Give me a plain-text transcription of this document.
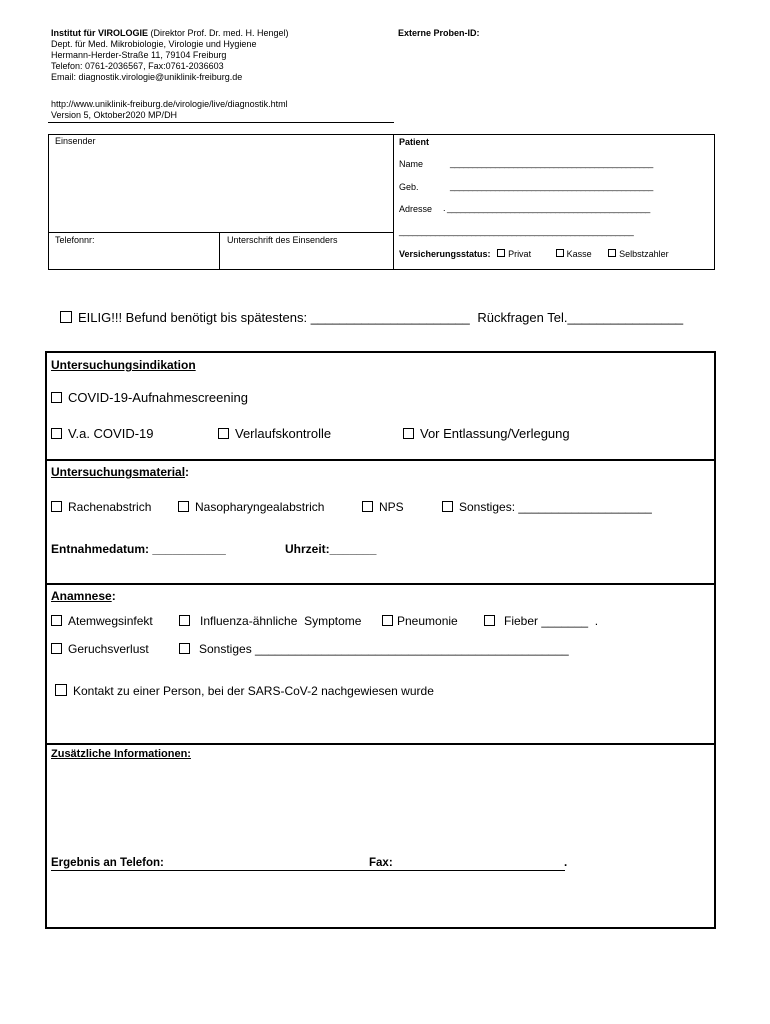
Institut für VIROLOGIE (Direktor Prof. Dr. med. H. Hengel)
Dept. für Med. Mikrobiologie, Virologie und Hygiene
Hermann-Herder-Straße 11, 79104 Freiburg
Telefon: 0761-2036567, Fax:0761-2036603
Email: diagnostik.virologie@uniklinik-freiburg.de
Externe Proben-ID:
http://www.uniklinik-freiburg.de/virologie/live/diagnostik.html
Version 5, Oktober2020 MP/DH
Einsender
Telefonnr:	Unterschrift des Einsenders
Patient
Name	_____________________________________________
Geb.	_____________________________________________
Adresse . _____________________________________________
____________________________________________________
Versicherungsstatus: Privat	Kasse	Selbstzahler
EILIG!!! Befund benötigt bis spätestens: ______________________ Rückfragen Tel.________________
Untersuchungsindikation
COVID-19-Aufnahmescreening
V.a. COVID-19	Verlaufskontrolle	Vor Entlassung/Verlegung
Untersuchungsmaterial:
Rachenabstrich	Nasopharyngealabstrich	NPS	Sonstiges: ____________________
Entnahmedatum: ___________	Uhrzeit:_______
Anamnese:
Atemwegsinfekt	Influenza-ähnliche  Symptome	Pneumonie	Fieber _______  .
Geruchsverlust	Sonstiges _______________________________________________
Kontakt zu einer Person, bei der SARS-CoV-2 nachgewiesen wurde
Zusätzliche Informationen:
Ergebnis an Telefon:	Fax:	.
